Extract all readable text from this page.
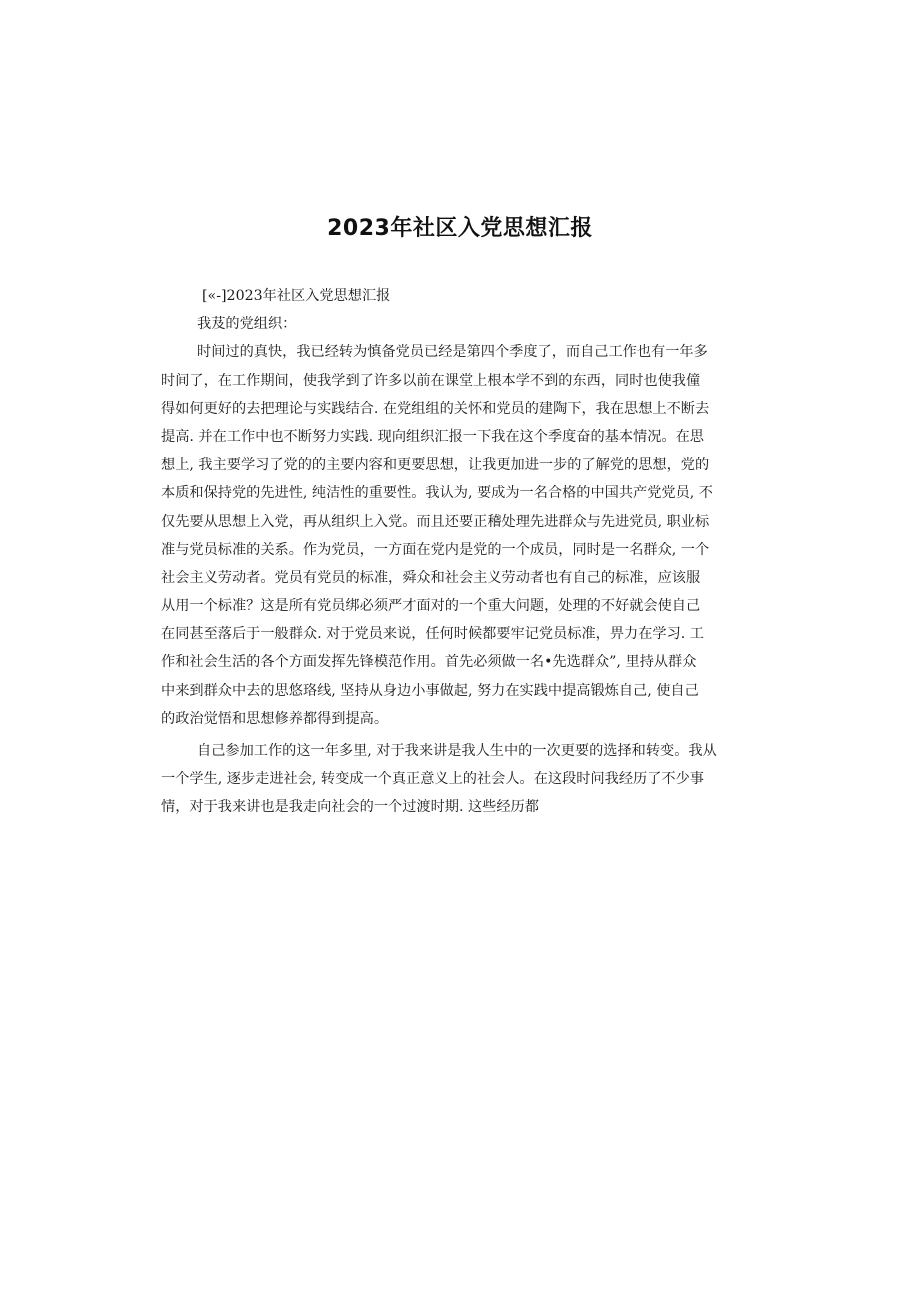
2023年社区入党思想汇报
[«-]2023年社区入党思想汇报
我芨的党组织：
时间过的真快，我已经转为慎备党员已经是第四个季度了，而自己工作也有一年多
时间了，在工作期间，使我学到了许多以前在课堂上根本学不到的东西，同时也使我僮
得如何更好的去把理论与实践结合. 在党组组的关怀和党员的建陶下，我在思想上不断去
提高. 并在工作中也不断努力实践. 现向组织汇报一下我在这个季度奋的基本情况。在思
想上, 我主要学习了党的的主要内容和更要思想，让我更加进一步的了解党的思想，党的
本质和保持党的先进性, 纯洁性的重要性。我认为, 要成为一名合格的中国共产党党员, 不
仅先要从思想上入党，再从组织上入党。而且还要正稽处理先进群众与先进党员, 职业标
准与党员标准的关系。作为党员，一方面在党内是党的一个成员，同时是一名群众, 一个
社会主义劳动者。党员有党员的标准，舜众和社会主义劳动者也有自己的标准，应该服
从用一个标准？这是所有党员绑必须严才面对的一个重大问题，处理的不好就会使自己
在同甚至落后于一般群众. 对于党员来说，任何时候都要牢记党员标准，畀力在学习. 工
作和社会生活的各个方面发挥先锋模范作用。首先必须做一名•先选群众”, 里持从群众
中来到群众中去的思悠珞线, 坚持从身边小事做起, 努力在实践中提高锻炼自己, 使自己
的政治觉悟和思想修养都得到提高。
自己参加工作的这一年多里, 对于我来讲是我人生中的一次更要的选择和转变。我从
一个学生, 逐步走进社会, 转变成一个真正意义上的社会人。在这段时问我经历了不少事
情，对于我来讲也是我走向社会的一个过渡时期. 这些经历都
